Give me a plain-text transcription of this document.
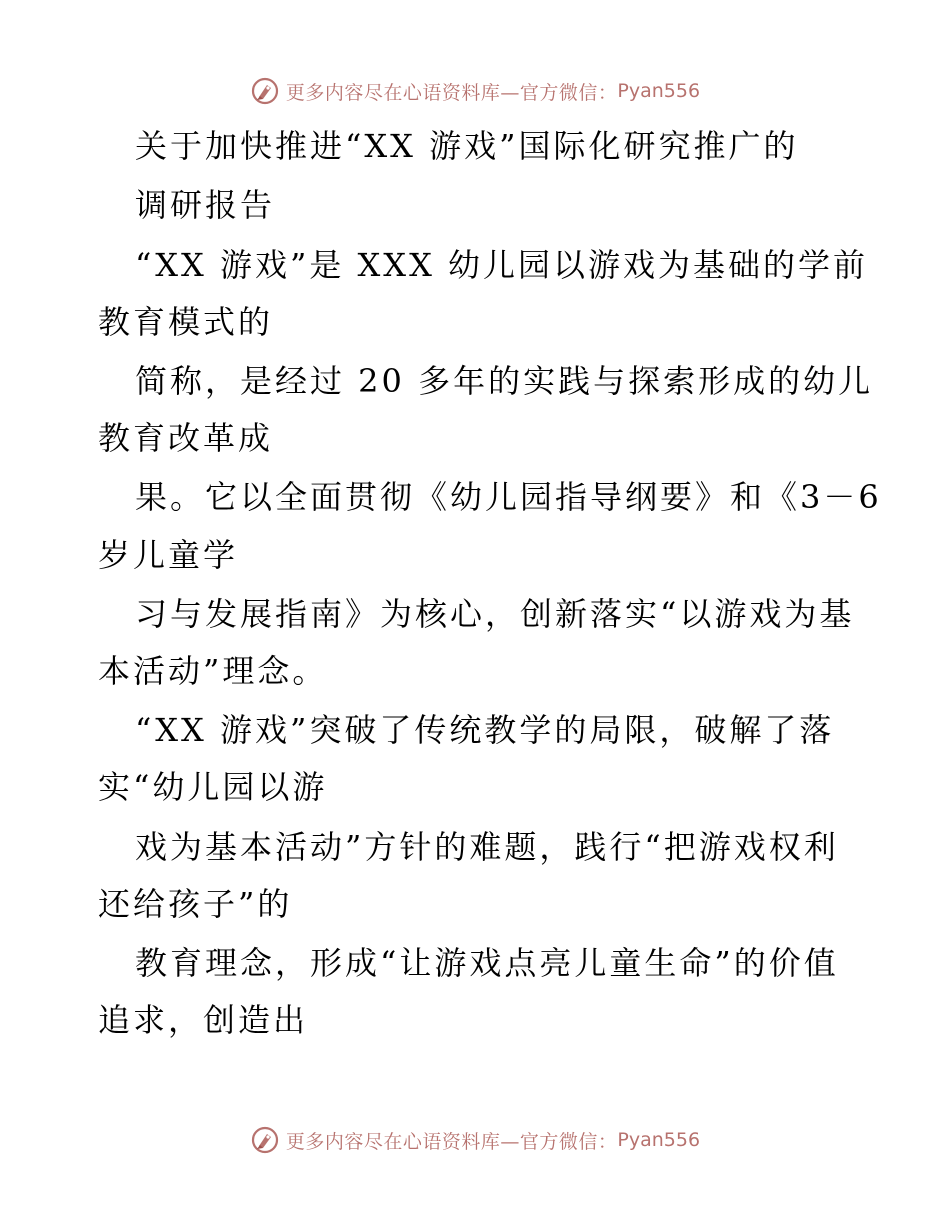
更多内容尽在心语资料库—官方微信： Pyan556
关于加快推进“XX 游戏”国际化研究推广的
调研报告
“XX 游戏”是 XXX 幼儿园以游戏为基础的学前
教育模式的
简称，是经过 20 多年的实践与探索形成的幼儿
教育改革成
果。它以全面贯彻《幼儿园指导纲要》和《3－6
岁儿童学
习与发展指南》为核心，创新落实“以游戏为基
本活动”理念。
“XX 游戏”突破了传统教学的局限，破解了落
实“幼儿园以游
戏为基本活动”方针的难题，践行“把游戏权利
还给孩子”的
教育理念，形成“让游戏点亮儿童生命”的价值
追求，创造出
更多内容尽在心语资料库—官方微信： Pyan556
